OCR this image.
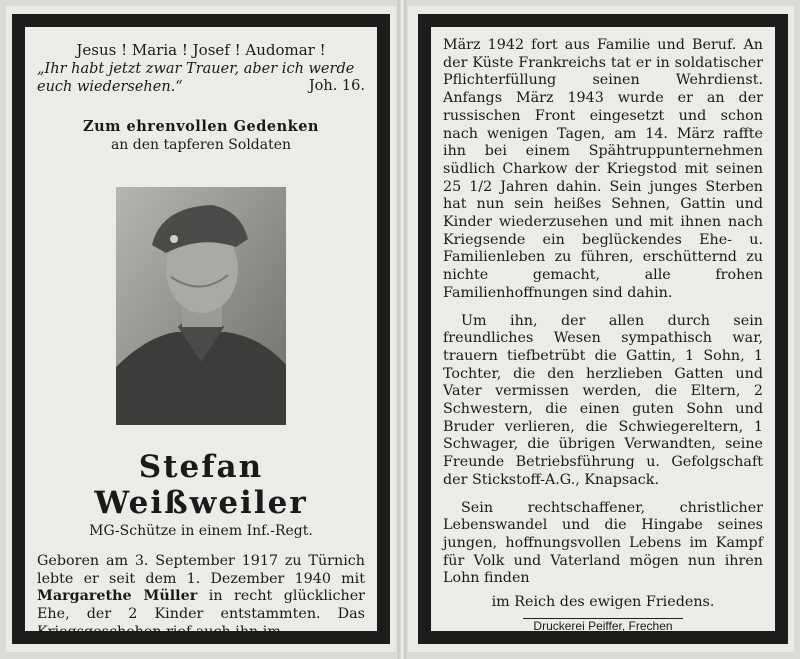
Jesus ! Maria ! Josef ! Audomar !
„Ihr habt jetzt zwar Trauer, aber ich werde euch wiedersehen.“	Joh. 16.
Zum ehrenvollen Gedenken
an den tapferen Soldaten
Stefan Weißweiler
MG-Schütze in einem Inf.-Regt.
Geboren am 3. September 1917 zu Türnich lebte er seit dem 1. Dezember 1940 mit Margarethe Müller in recht glücklicher Ehe, der 2 Kinder entstammten. Das Kriegsgeschehen rief auch ihn im
März 1942 fort aus Familie und Beruf. An der Küste Frankreichs tat er in soldatischer Pflichterfüllung seinen Wehrdienst. Anfangs März 1943 wurde er an der russischen Front eingesetzt und schon nach wenigen Tagen, am 14. März raffte ihn bei einem Spähtruppunternehmen südlich Charkow der Kriegstod mit seinen 25 1/2 Jahren dahin. Sein junges Sterben hat nun sein heißes Sehnen, Gattin und Kinder wiederzusehen und mit ihnen nach Kriegsende ein beglückendes Ehe- u. Familienleben zu führen, erschütternd zu nichte gemacht, alle frohen Familienhoffnungen sind dahin.
Um ihn, der allen durch sein freundliches Wesen sympathisch war, trauern tiefbetrübt die Gattin, 1 Sohn, 1 Tochter, die den herzlieben Gatten und Vater vermissen werden, die Eltern, 2 Schwestern, die einen guten Sohn und Bruder verlieren, die Schwiegereltern, 1 Schwager, die übrigen Verwandten, seine Freunde Betriebsführung u. Gefolgschaft der Stickstoff-A.G., Knapsack.
Sein rechtschaffener, christlicher Lebenswandel und die Hingabe seines jungen, hoffnungsvollen Lebens im Kampf für Volk und Vaterland mögen nun ihren Lohn finden
im Reich des ewigen Friedens.
Druckerei Peiffer, Frechen
